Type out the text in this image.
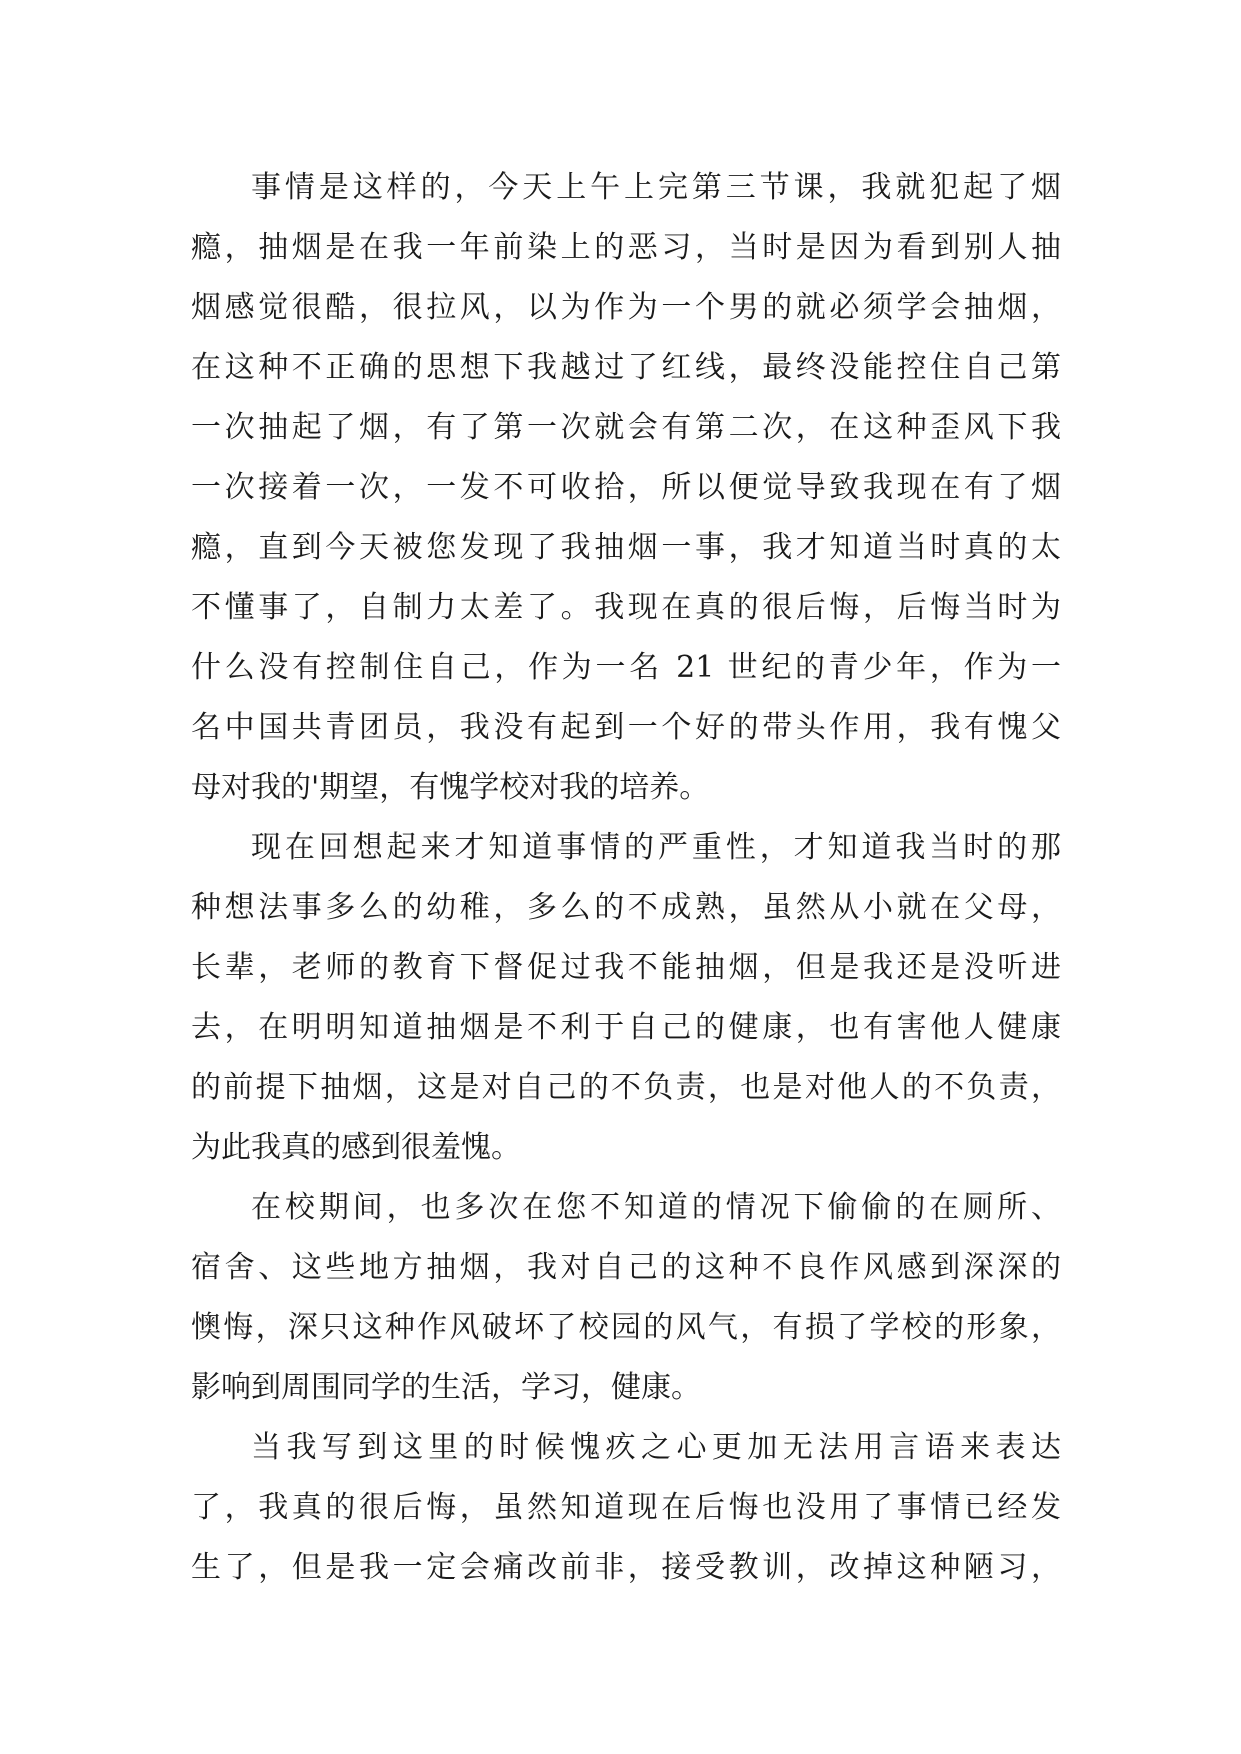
事情是这样的，今天上午上完第三节课，我就犯起了烟
瘾，抽烟是在我一年前染上的恶习，当时是因为看到别人抽
烟感觉很酷，很拉风，以为作为一个男的就必须学会抽烟，
在这种不正确的思想下我越过了红线，最终没能控住自己第
一次抽起了烟，有了第一次就会有第二次，在这种歪风下我
一次接着一次，一发不可收拾，所以便觉导致我现在有了烟
瘾，直到今天被您发现了我抽烟一事，我才知道当时真的太
不懂事了，自制力太差了。我现在真的很后悔，后悔当时为
什么没有控制住自己，作为一名 21 世纪的青少年，作为一
名中国共青团员，我没有起到一个好的带头作用，我有愧父
母对我的'期望，有愧学校对我的培养。
现在回想起来才知道事情的严重性，才知道我当时的那
种想法事多么的幼稚，多么的不成熟，虽然从小就在父母，
长辈，老师的教育下督促过我不能抽烟，但是我还是没听进
去，在明明知道抽烟是不利于自己的健康，也有害他人健康
的前提下抽烟，这是对自己的不负责，也是对他人的不负责，
为此我真的感到很羞愧。
在校期间，也多次在您不知道的情况下偷偷的在厕所、
宿舍、这些地方抽烟，我对自己的这种不良作风感到深深的
懊悔，深只这种作风破坏了校园的风气，有损了学校的形象，
影响到周围同学的生活，学习，健康。
当我写到这里的时候愧疚之心更加无法用言语来表达
了，我真的很后悔，虽然知道现在后悔也没用了事情已经发
生了，但是我一定会痛改前非，接受教训，改掉这种陋习，
